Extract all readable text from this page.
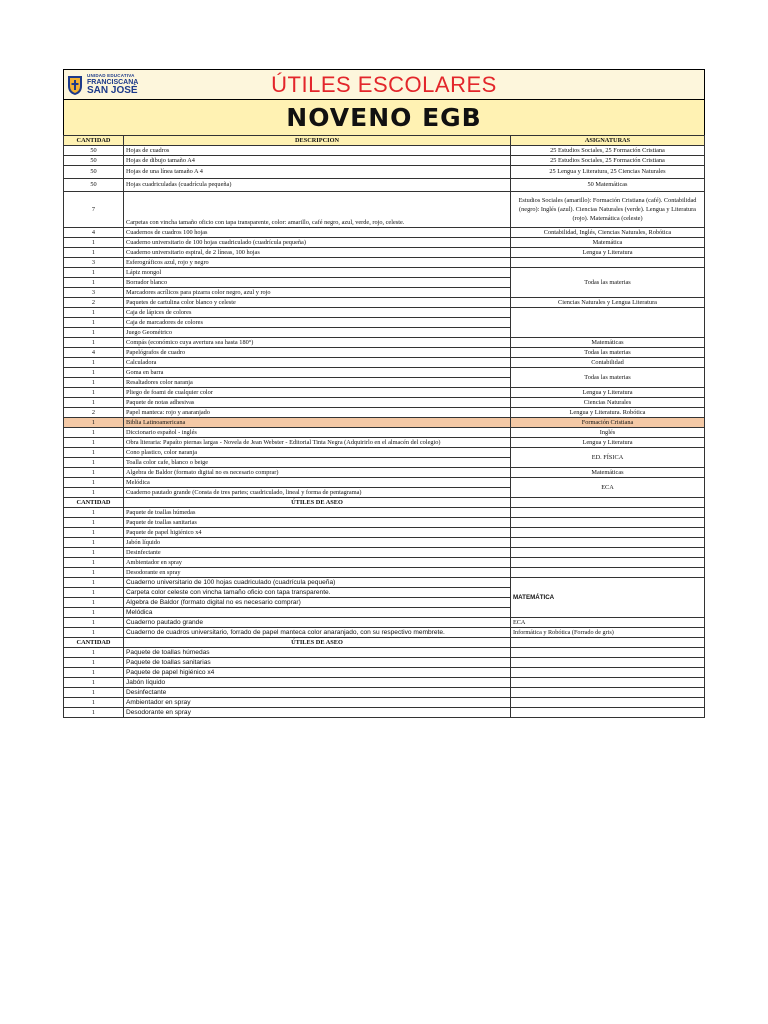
UNIDAD EDUCATIVA
FRANCISCANA
SAN JOSÉ	ÚTILES ESCOLARES
NOVENO EGB
CANTIDAD	DESCRIPCION	ASIGNATURAS
50	Hojas de cuadros	25 Estudios Sociales, 25 Formación Cristiana
50	Hojas de dibujo tamaño A4	25 Estudios Sociales, 25 Formación Cristiana
50	Hojas de una línea tamaño A 4	25 Lengua y Literatura, 25 Ciencias Naturales
50	Hojas cuadriculadas (cuadrícula pequeña)	50 Matemáticas
7	Carpetas con vincha tamaño oficio con tapa transparente, color: amarillo, café negro, azul, verde, rojo, celeste.	Estudios Sociales (amarillo): Formación Cristiana (café). Contabilidad (negro): Inglés (azul). Ciencias Naturales (verde). Lengua y Literatura (rojo). Matemática (celeste)
4	Cuadernos de cuadros 100 hojas	Contabilidad, Inglés, Ciencias Naturales, Robótica
1	Cuaderno universitario de 100 hojas cuadriculado (cuadrícula pequeña)	Matemática
1	Cuaderno universitario espiral, de 2 líneas, 100 hojas	Lengua y Literatura
3	Esferográficos azul, rojo y negro	
1	Lápiz mongol	Todas las materias
1	Borrador blanco	
3	Marcadores acrílicos para pizarra color negro, azul y rojo	
2	Paquetes de cartulina color blanco y celeste	Ciencias Naturales y Lengua Literatura
1	Caja de lápices de colores	
1	Caja de marcadores de colores	
1	Juego Geométrico	
1	Compás (económico cuya avertura sea hasta 180°)	Matemáticas
4	Papelógrafos de cuadro	Todas las materias
1	Calculadora	Contabilidad
1	Goma en barra	Todas las materias
1	Resaltadores color naranja	
1	Pliego de foami de cualquier color	Lengua y Literatura
1	Paquete de notas adhesivas	Ciencias Naturales
2	Papel manteca: rojo y anaranjado	Lengua y Literatura. Robótica
1	Biblia Latinoamericana	Formación Cristiana
1	Diccionario español - inglés	Inglés
1	Obra literaria: Papaíto piernas largas - Novela de Jean Webster - Editorial Tinta Negra (Adquirirlo en el almacén del colegio)	Lengua y Literatura
1	Cono plastico, color naranja	ED. FÍSICA
1	Toalla color cafe, blanco o beige	
1	Algebra de Baldor (formato digital no es necesario comprar)	Matemáticas
1	Melódica	ECA
1	Cuaderno pautado grande (Consta de tres partes; cuadriculado, lineal y forma de pentagrama)	
CANTIDAD	ÚTILES DE ASEO	
1	Paquete de toallas húmedas	
1	Paquete de toallas sanitarias	
1	Paquete de papel higiénico x4	
1	Jabón líquido	
1	Desinfectante	
1	Ambientador en spray	
1	Desodorante en spray	
1	Cuaderno universitario de 100 hojas cuadriculado (cuadrícula pequeña)	MATEMÁTICA
1	Carpeta color celeste con vincha tamaño oficio con tapa transparente.	
1	Algebra de Baldor (formato digital no es necesario comprar)	
1	Melódica	
1	Cuaderno pautado grande	ECA
1	Cuaderno de cuadros universitario, forrado de papel manteca color anaranjado, con su respectivo membrete.	Informática y Robótica (Forrado de gris)
CANTIDAD	ÚTILES DE ASEO	
1	Paquete de toallas húmedas	
1	Paquete de toallas sanitarias	
1	Paquete de papel higiénico x4	
1	Jabón líquido	
1	Desinfectante	
1	Ambientador en spray	
1	Desodorante en spray	
